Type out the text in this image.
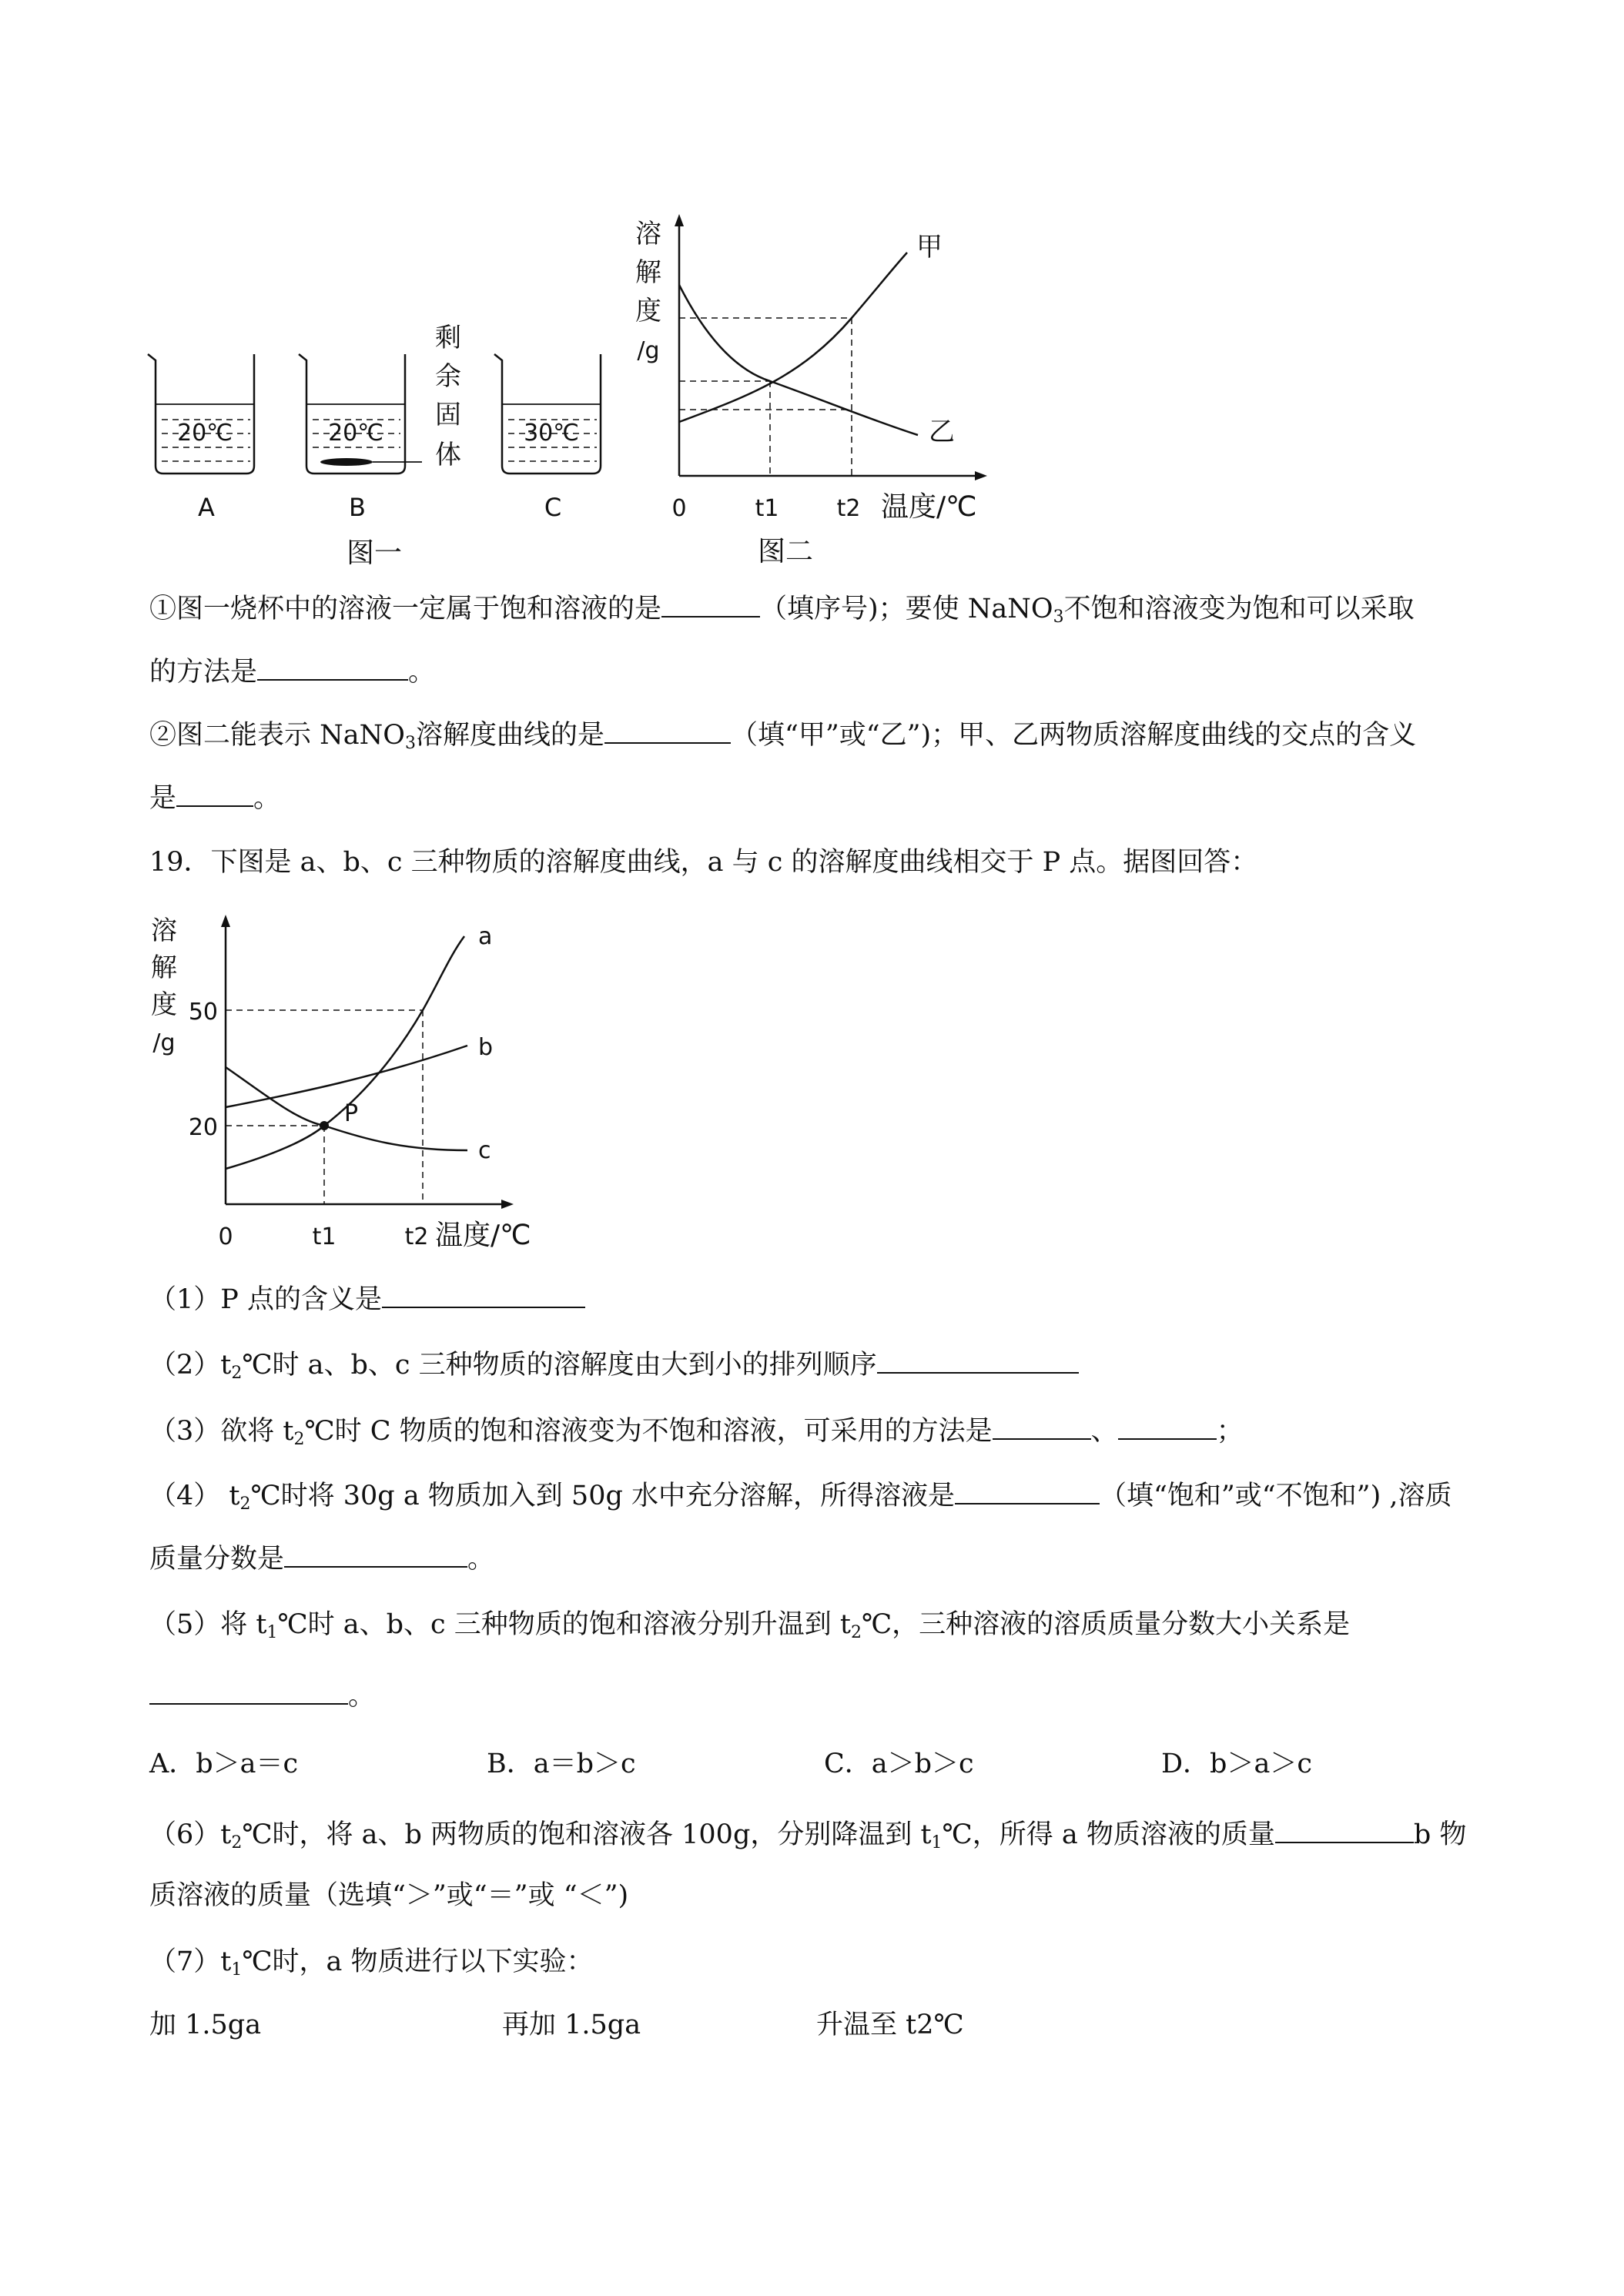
20℃
A
20℃
B
剩
余
固
体
30℃
C
图一
溶
解
度
/g
甲
乙
0	t1	t2 温度/℃
图二
①图一烧杯中的溶液一定属于饱和溶液的是	（填序号)；要使 NaNO$_3$不饱和溶液变为饱和可以采取
的方法是	。
②图二能表示 NaNO$_3$溶解度曲线的是	（填“甲”或“乙”)；甲、乙两物质溶解度曲线的交点的含义
是	。
19．下图是 a、b、c 三种物质的溶解度曲线，a 与 c 的溶解度曲线相交于 P 点。据图回答：
溶
解
度
/g
P
a
b
c
50
20
0	t1	t2 温度/℃
（1）P 点的含义是
$(2)t_2℃$时 a、b、c 三种物质的溶解度由大到小的排列顺序
（3）欲将 $t_2℃$时 C 物质的饱和溶液变为不饱和溶液，可采用的方法是	、	；
（4） $t_2℃$时将 30g a 物质加入到 50g 水中充分溶解，所得溶液是	（填“饱和”或“不饱和”) ,溶质
质量分数是	。
（5）将 $t_1℃$时 a、b、c 三种物质的饱和溶液分别升温到 $t_2℃$，三种溶液的溶质质量分数大小关系是
。
A．b＞a＝c	B．a＝b＞c	C．a＞b＞c	D．b＞a＞c
$(6)t_2℃$时，将 a、b 两物质的饱和溶液各 100g，分别降温到 $t_1℃$，所得 a 物质溶液的质量	b 物
质溶液的质量（选填“＞”或“＝”或 “＜”)
$(7)t_1℃$时，a 物质进行以下实验：
加 1.5ga	再加 1.5ga	升温至 t2℃
